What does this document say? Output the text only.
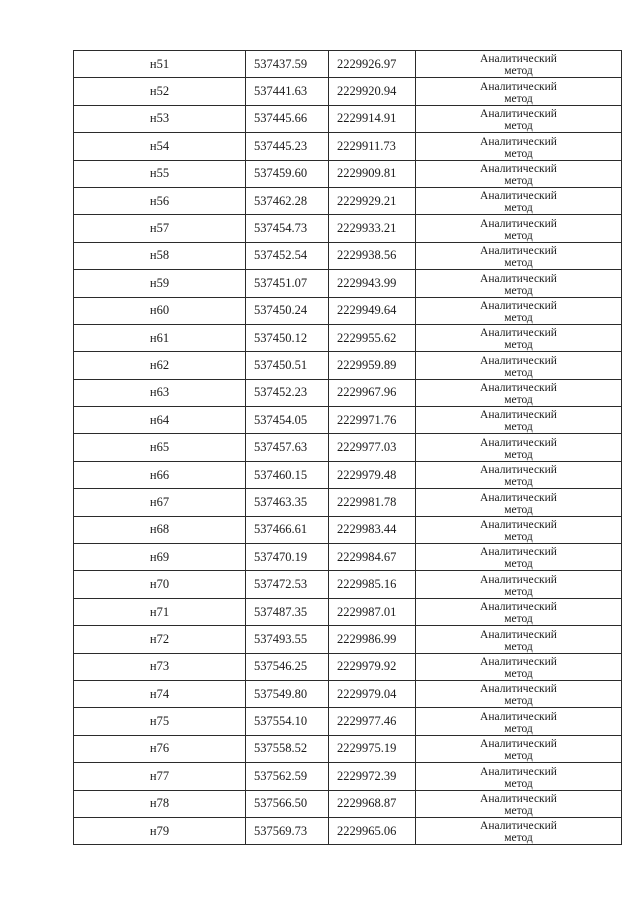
н51	537437.59	2229926.97	Аналитический
метод

н52	537441.63	2229920.94	Аналитический
метод

н53	537445.66	2229914.91	Аналитический
метод

н54	537445.23	2229911.73	Аналитический
метод

н55	537459.60	2229909.81	Аналитический
метод

н56	537462.28	2229929.21	Аналитический
метод

н57	537454.73	2229933.21	Аналитический
метод

н58	537452.54	2229938.56	Аналитический
метод

н59	537451.07	2229943.99	Аналитический
метод

н60	537450.24	2229949.64	Аналитический
метод

н61	537450.12	2229955.62	Аналитический
метод

н62	537450.51	2229959.89	Аналитический
метод

н63	537452.23	2229967.96	Аналитический
метод

н64	537454.05	2229971.76	Аналитический
метод

н65	537457.63	2229977.03	Аналитический
метод

н66	537460.15	2229979.48	Аналитический
метод

н67	537463.35	2229981.78	Аналитический
метод

н68	537466.61	2229983.44	Аналитический
метод

н69	537470.19	2229984.67	Аналитический
метод

н70	537472.53	2229985.16	Аналитический
метод

н71	537487.35	2229987.01	Аналитический
метод

н72	537493.55	2229986.99	Аналитический
метод

н73	537546.25	2229979.92	Аналитический
метод

н74	537549.80	2229979.04	Аналитический
метод

н75	537554.10	2229977.46	Аналитический
метод

н76	537558.52	2229975.19	Аналитический
метод

н77	537562.59	2229972.39	Аналитический
метод

н78	537566.50	2229968.87	Аналитический
метод

н79	537569.73	2229965.06	Аналитический
метод
